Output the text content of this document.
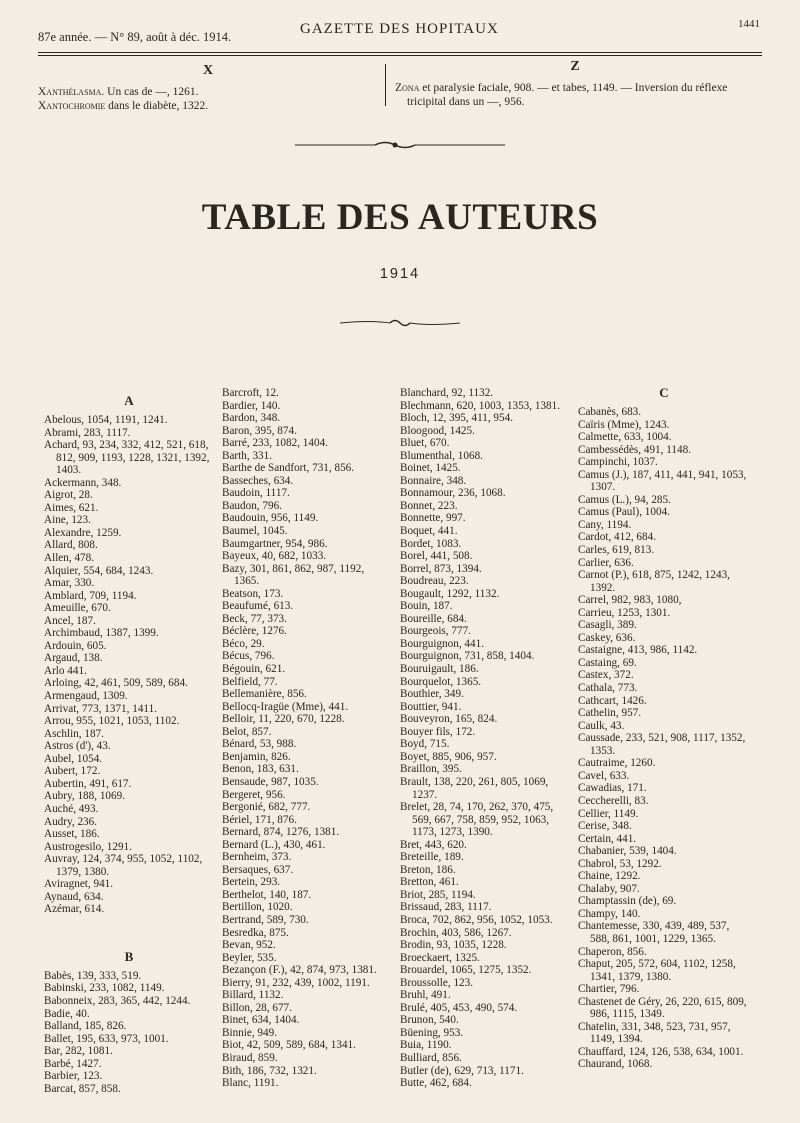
87e année. — N° 89, août à déc. 1914.	GAZETTE DES HOPITAUX	1441
X
Xanthélasma. Un cas de —, 1261.
Xantochromie dans le diabète, 1322.
Z
Zona et paralysie faciale, 908. — et tabes, 1149. — Inversion du réflexe tricipital dans un —, 956.
TABLE DES AUTEURS
1914
A
Abelous, 1054, 1191, 1241.
Abrami, 283, 1117.
Achard, 93, 234, 332, 412, 521, 618, 812, 909, 1193, 1228, 1321, 1392, 1403.
Ackermann, 348.
Aigrot, 28.
Aimes, 621.
Aine, 123.
Alexandre, 1259.
Allard, 808.
Allen, 478.
Alquier, 554, 684, 1243.
Amar, 330.
Amblard, 709, 1194.
Ameuille, 670.
Ancel, 187.
Archimbaud, 1387, 1399.
Ardouin, 605.
Argaud, 138.
Arlo 441.
Arloing, 42, 461, 509, 589, 684.
Armengaud, 1309.
Arrivat, 773, 1371, 1411.
Arrou, 955, 1021, 1053, 1102.
Aschlin, 187.
Astros (d'), 43.
Aubel, 1054.
Aubert, 172.
Aubertin, 491, 617.
Aubry, 188, 1069.
Auché, 493.
Audry, 236.
Ausset, 186.
Austrogesilo, 1291.
Auvray, 124, 374, 955, 1052, 1102, 1379, 1380.
Aviragnet, 941.
Aynaud, 634.
Azémar, 614.
B
Babès, 139, 333, 519.
Babinski, 233, 1082, 1149.
Babonneix, 283, 365, 442, 1244.
Badie, 40.
Balland, 185, 826.
Ballet, 195, 633, 973, 1001.
Bar, 282, 1081.
Barbé, 1427.
Barbier, 123.
Barcat, 857, 858.
Barcroft, 12.
Bardier, 140.
Bardon, 348.
Baron, 395, 874.
Barré, 233, 1082, 1404.
Barth, 331.
Barthe de Sandfort, 731, 856.
Basseches, 634.
Baudoin, 1117.
Baudon, 796.
Baudouin, 956, 1149.
Baumel, 1045.
Baumgartner, 954, 986.
Bayeux, 40, 682, 1033.
Bazy, 301, 861, 862, 987, 1192, 1365.
Beatson, 173.
Beaufumé, 613.
Beck, 77, 373.
Béclère, 1276.
Béco, 29.
Bécus, 796.
Bégouin, 621.
Belfield, 77.
Bellemanière, 856.
Bellocq-Iragüe (Mme), 441.
Belloir, 11, 220, 670, 1228.
Belot, 857.
Bénard, 53, 988.
Benjamin, 826.
Benon, 183, 631.
Bensaude, 987, 1035.
Bergeret, 956.
Bergonié, 682, 777.
Bériel, 171, 876.
Bernard, 874, 1276, 1381.
Bernard (L.), 430, 461.
Bernheim, 373.
Bersaques, 637.
Bertein, 293.
Berthelot, 140, 187.
Bertillon, 1020.
Bertrand, 589, 730.
Besredka, 875.
Bevan, 952.
Beyler, 535.
Bezançon (F.), 42, 874, 973, 1381.
Bierry, 91, 232, 439, 1002, 1191.
Billard, 1132.
Billon, 28, 677.
Binet, 634, 1404.
Binnie, 949.
Biot, 42, 509, 589, 684, 1341.
Biraud, 859.
Bith, 186, 732, 1321.
Blanc, 1191.
Blanchard, 92, 1132.
Blechmann, 620, 1003, 1353, 1381.
Bloch, 12, 395, 411, 954.
Bloogood, 1425.
Bluet, 670.
Blumenthal, 1068.
Boinet, 1425.
Bonnaire, 348.
Bonnamour, 236, 1068.
Bonnet, 223.
Bonnette, 997.
Boquet, 441.
Bordet, 1083.
Borel, 441, 508.
Borrel, 873, 1394.
Boudreau, 223.
Bougault, 1292, 1132.
Bouin, 187.
Boureille, 684.
Bourgeois, 777.
Bourguignon, 441.
Bourguignon, 731, 858, 1404.
Bouruigault, 186.
Bourquelot, 1365.
Bouthier, 349.
Bouttier, 941.
Bouveyron, 165, 824.
Bouyer fils, 172.
Boyd, 715.
Boyet, 885, 906, 957.
Braillon, 395.
Brault, 138, 220, 261, 805, 1069, 1237.
Brelet, 28, 74, 170, 262, 370, 475, 569, 667, 758, 859, 952, 1063, 1173, 1273, 1390.
Bret, 443, 620.
Breteille, 189.
Breton, 186.
Bretton, 461.
Briot, 285, 1194.
Brissaud, 283, 1117.
Broca, 702, 862, 956, 1052, 1053.
Brochin, 403, 586, 1267.
Brodin, 93, 1035, 1228.
Broeckaert, 1325.
Brouardel, 1065, 1275, 1352.
Broussolle, 123.
Bruhl, 491.
Brulé, 405, 453, 490, 574.
Brunon, 540.
Büening, 953.
Buia, 1190.
Bulliard, 856.
Butler (de), 629, 713, 1171.
Butte, 462, 684.
C
Cabanès, 683.
Caïris (Mme), 1243.
Calmette, 633, 1004.
Cambessédès, 491, 1148.
Campinchi, 1037.
Camus (J.), 187, 411, 441, 941, 1053, 1307.
Camus (L.), 94, 285.
Camus (Paul), 1004.
Cany, 1194.
Cardot, 412, 684.
Carles, 619, 813.
Carlier, 636.
Carnot (P.), 618, 875, 1242, 1243, 1392.
Carrel, 982, 983, 1080,
Carrieu, 1253, 1301.
Casagli, 389.
Caskey, 636.
Castaigne, 413, 986, 1142.
Castaing, 69.
Castex, 372.
Cathala, 773.
Cathcart, 1426.
Cathelin, 957.
Caulk, 43.
Caussade, 233, 521, 908, 1117, 1352, 1353.
Cautraime, 1260.
Cavel, 633.
Cawadias, 171.
Ceccherelli, 83.
Cellier, 1149.
Cerise, 348.
Certain, 441.
Chabanier, 539, 1404.
Chabrol, 53, 1292.
Chaine, 1292.
Chalaby, 907.
Champtassin (de), 69.
Champy, 140.
Chantemesse, 330, 439, 489, 537, 588, 861, 1001, 1229, 1365.
Chaperon, 856.
Chaput, 205, 572, 604, 1102, 1258, 1341, 1379, 1380.
Chartier, 796.
Chastenet de Géry, 26, 220, 615, 809, 986, 1115, 1349.
Chatelin, 331, 348, 523, 731, 957, 1149, 1394.
Chauffard, 124, 126, 538, 634, 1001.
Chaurand, 1068.
